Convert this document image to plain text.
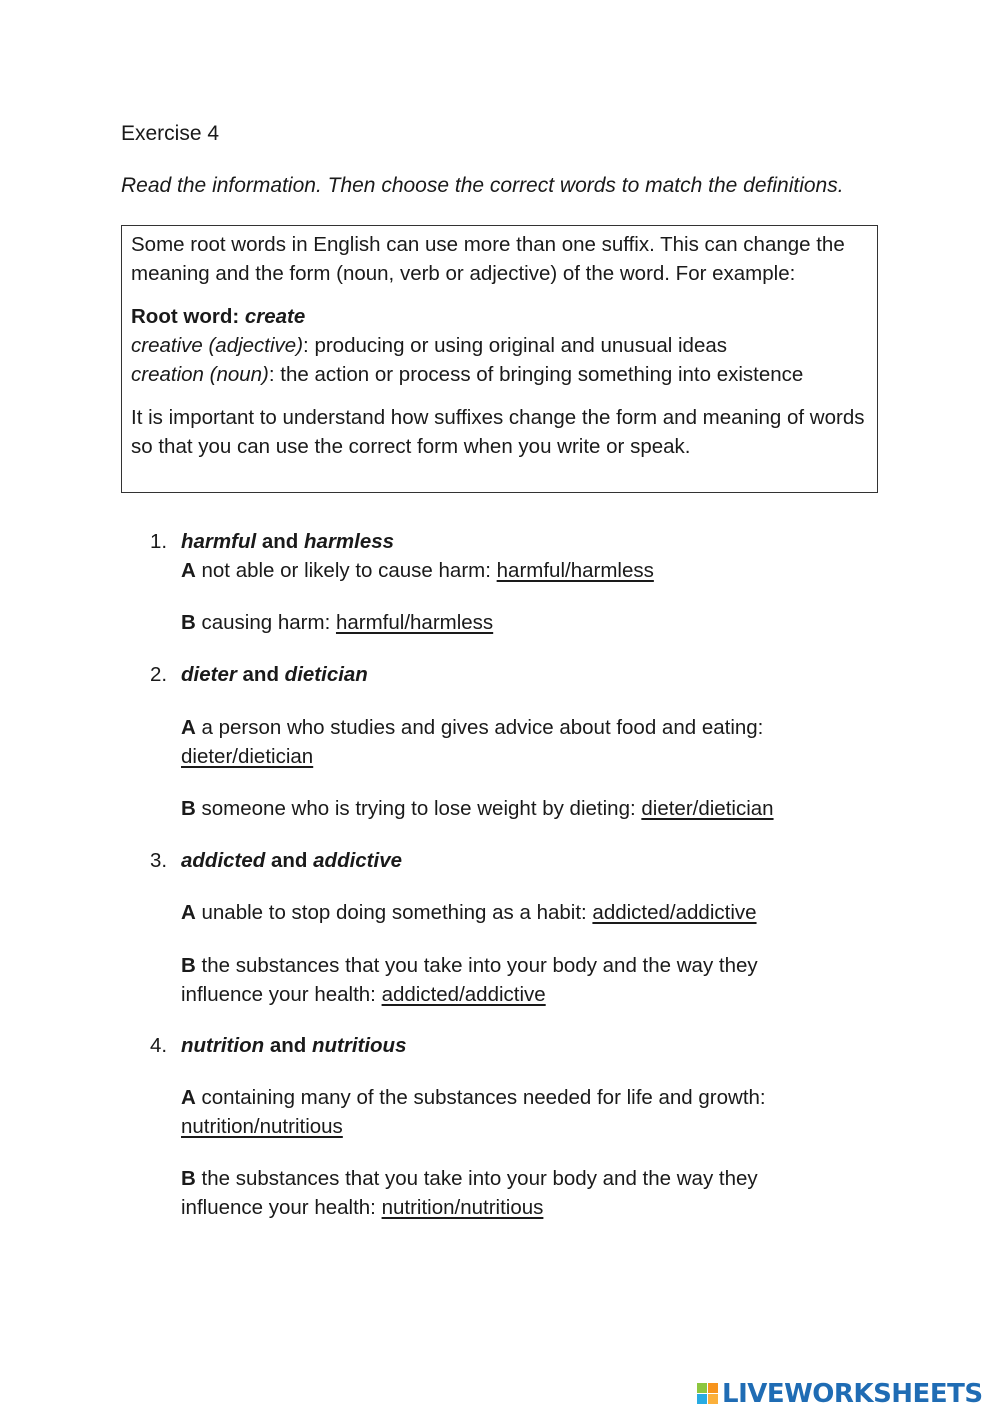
Exercise 4
Read the information. Then choose the correct words to match the definitions.

Some root words in English can use more than one suffix. This can change the meaning and the form (noun, verb or adjective) of the word. For example:

Root word: create

creative (adjective): producing or using original and unusual ideas

creation (noun): the action or process of bringing something into existence

It is important to understand how suffixes change the form and meaning of words so that you can use the correct form when you write or speak.

1. harmful and harmless
A not able or likely to cause harm: harmful/harmless
B causing harm: harmful/harmless
2. dieter and dietician
A a person who studies and gives advice about food and eating:
dieter/dietician
B someone who is trying to lose weight by dieting: dieter/dietician
3. addicted and addictive
A unable to stop doing something as a habit: addicted/addictive
B the substances that you take into your body and the way they
influence your health: addicted/addictive
4. nutrition and nutritious
A containing many of the substances needed for life and growth:
nutrition/nutritious
B the substances that you take into your body and the way they
influence your health: nutrition/nutritious
LIVEWORKSHEETS
